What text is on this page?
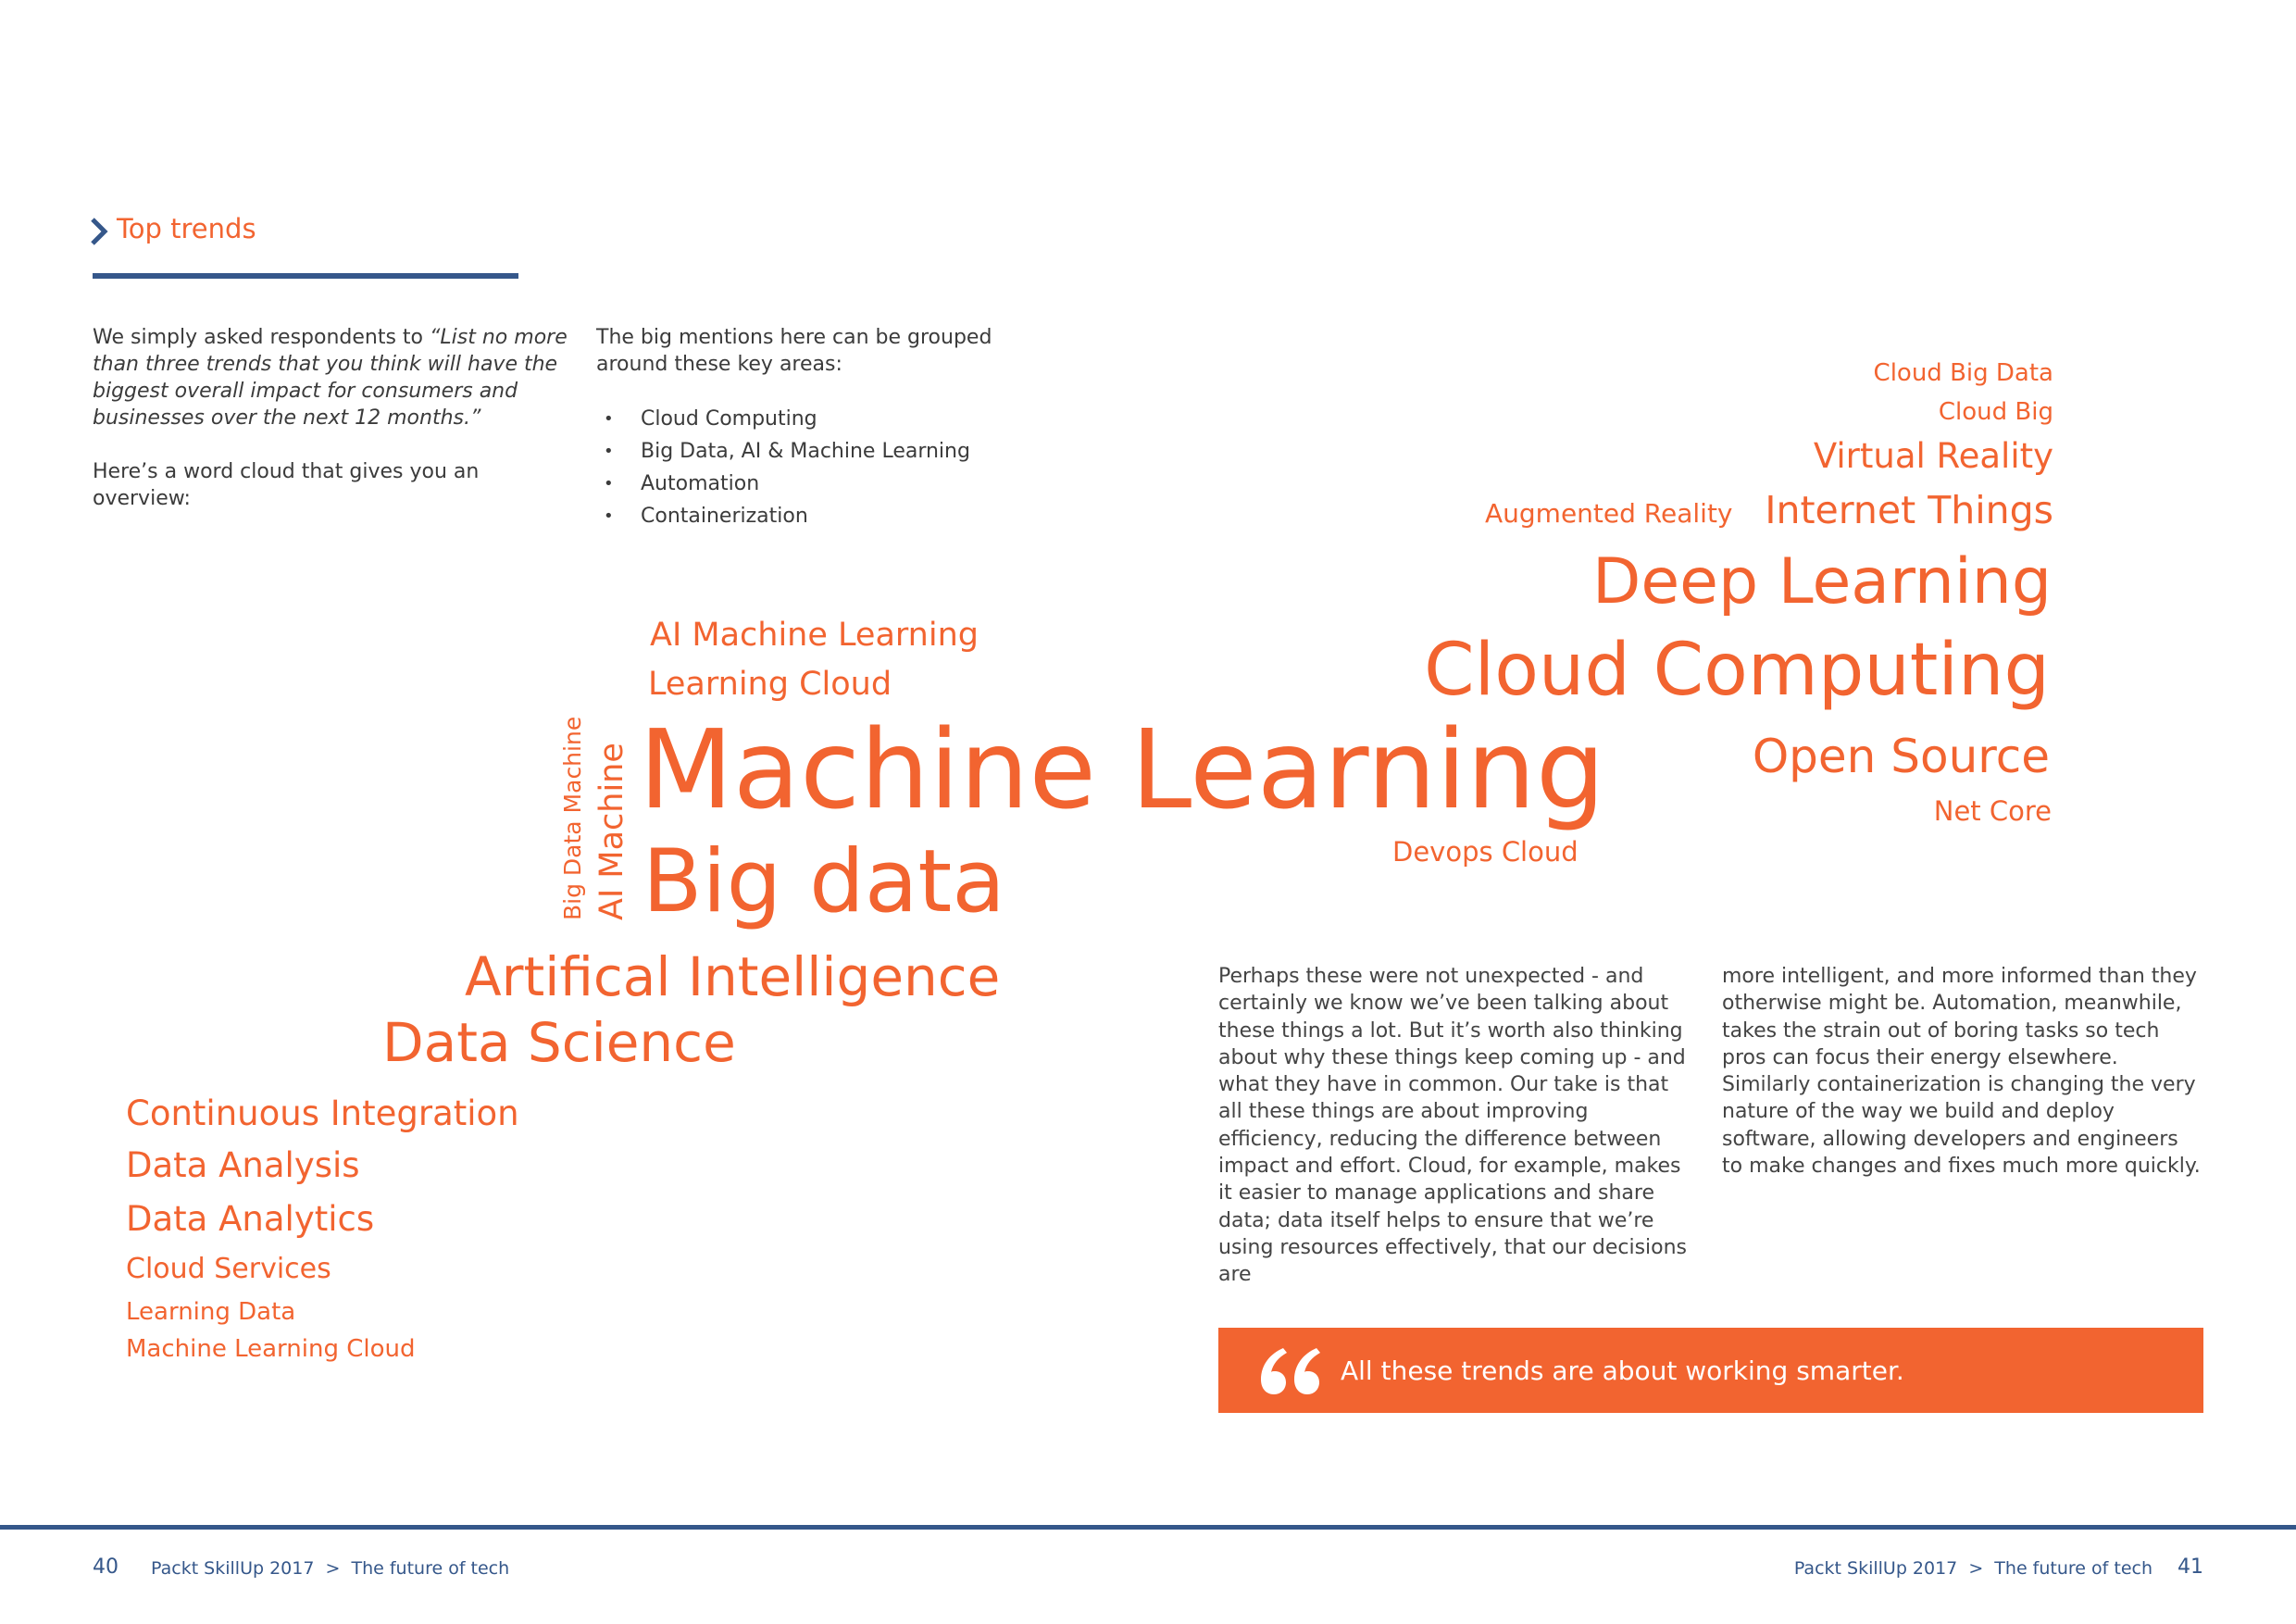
Top trends

We simply asked respondents to “List no more than three trends that you think will have the biggest overall impact for consumers and businesses over the next 12 months.”

Here’s a word cloud that gives you an overview:

The big mentions here can be grouped around these key areas:

• Cloud Computing
• Big Data, AI & Machine Learning
• Automation
• Containerization
Cloud Big Data
Cloud Big
Virtual Reality
Augmented Reality Internet Things
Deep Learning
Cloud Computing
AI Machine Learning
Learning Cloud
Machine Learning	Open Source
Net Core
Devops Cloud
Big Data Machine AI Machine Big data
Artifical Intelligence
Data Science
Continuous Integration
Data Analysis
Data Analytics
Cloud Services
Learning Data
Machine Learning Cloud
Perhaps these were not unexpected - and certainly we know we’ve been talking about these things a lot. But it’s worth also thinking about why these things keep coming up - and what they have in common. Our take is that all these things are about improving efficiency, reducing the difference between impact and effort. Cloud, for example, makes it easier to manage applications and share data; data itself helps to ensure that we’re using resources effectively, that our decisions are
more intelligent, and more informed than they otherwise might be. Automation, meanwhile, takes the strain out of boring tasks so tech pros can focus their energy elsewhere. Similarly containerization is changing the very nature of the way we build and deploy software, allowing developers and engineers to make changes and fixes much more quickly.
All these trends are about working smarter.
40 Packt SkillUp 2017 > The future of tech	Packt SkillUp 2017 > The future of tech 41
